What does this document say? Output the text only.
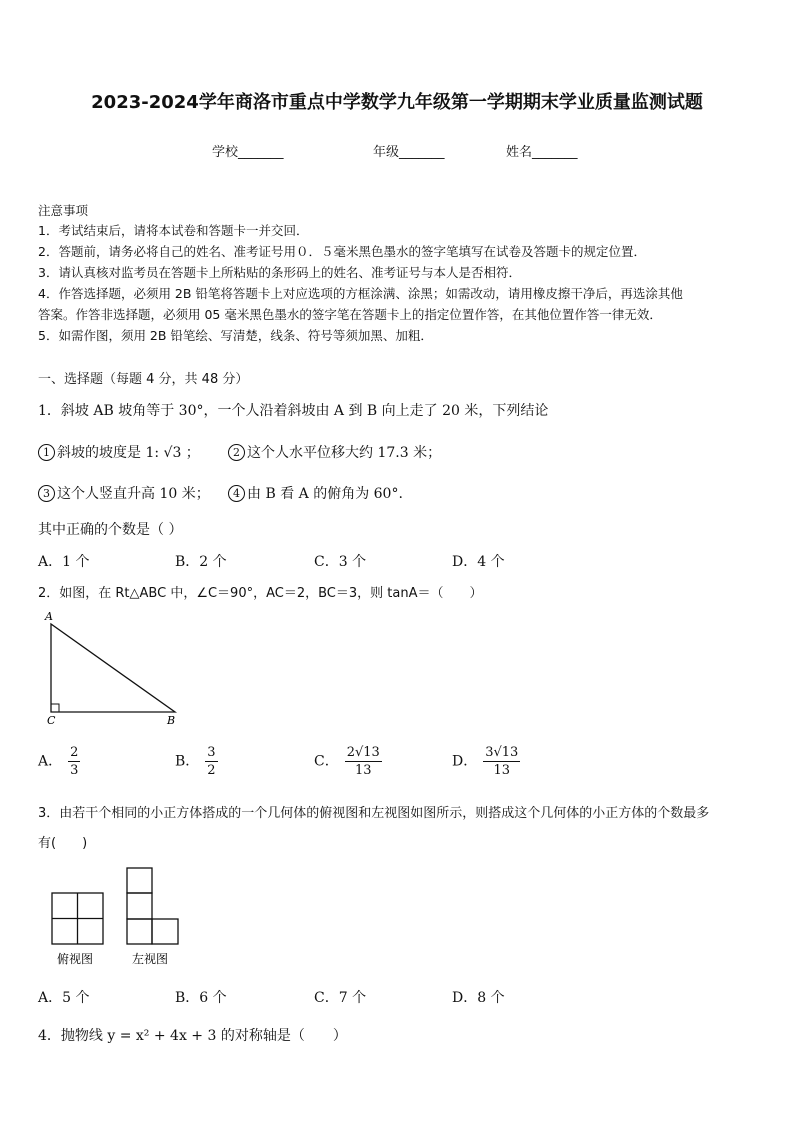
2023-2024学年商洛市重点中学数学九年级第一学期期末学业质量监测试题
学校_______	年级_______	姓名_______
注意事项
1．考试结束后，请将本试卷和答题卡一并交回．
2．答题前，请务必将自己的姓名、准考证号用０．５毫米黑色墨水的签字笔填写在试卷及答题卡的规定位置．
3．请认真核对监考员在答题卡上所粘贴的条形码上的姓名、准考证号与本人是否相符．
4．作答选择题，必须用 2B 铅笔将答题卡上对应选项的方框涂满、涂黑；如需改动，请用橡皮擦干净后，再选涂其他
答案。作答非选择题，必须用 05 毫米黑色墨水的签字笔在答题卡上的指定位置作答，在其他位置作答一律无效．
5．如需作图，须用 2B 铅笔绘、写清楚，线条、符号等须加黑、加粗．
一、选择题（每题 4 分，共 48 分）
1．斜坡 AB 坡角等于 30°，一个人沿着斜坡由 A 到 B 向上走了 20 米，下列结论
1 斜坡的坡度是 1: √3 ；	2 这个人水平位移大约 17.3 米；
3 这个人竖直升高 10 米；	4 由 B 看 A 的俯角为 60°.
其中正确的个数是（ ）
A．1 个	B．2 个	C．3 个	D．4 个
2．如图，在 Rt△ABC 中，∠C＝90°，AC＝2，BC＝3，则 tanA＝（　　）
A
C	B
A． $\frac{2}{3}$	B． $\frac{3}{2}$	C． $\frac{2√13}{13}$	D． $\frac{3√13}{13}$
3．由若干个相同的小正方体搭成的一个几何体的俯视图和左视图如图所示，则搭成这个几何体的小正方体的个数最多
有(　　)
俯视图	左视图
A．5 个	B．6 个	C．7 个	D．8 个
4．抛物线 y = x² + 4x + 3 的对称轴是（　　）
